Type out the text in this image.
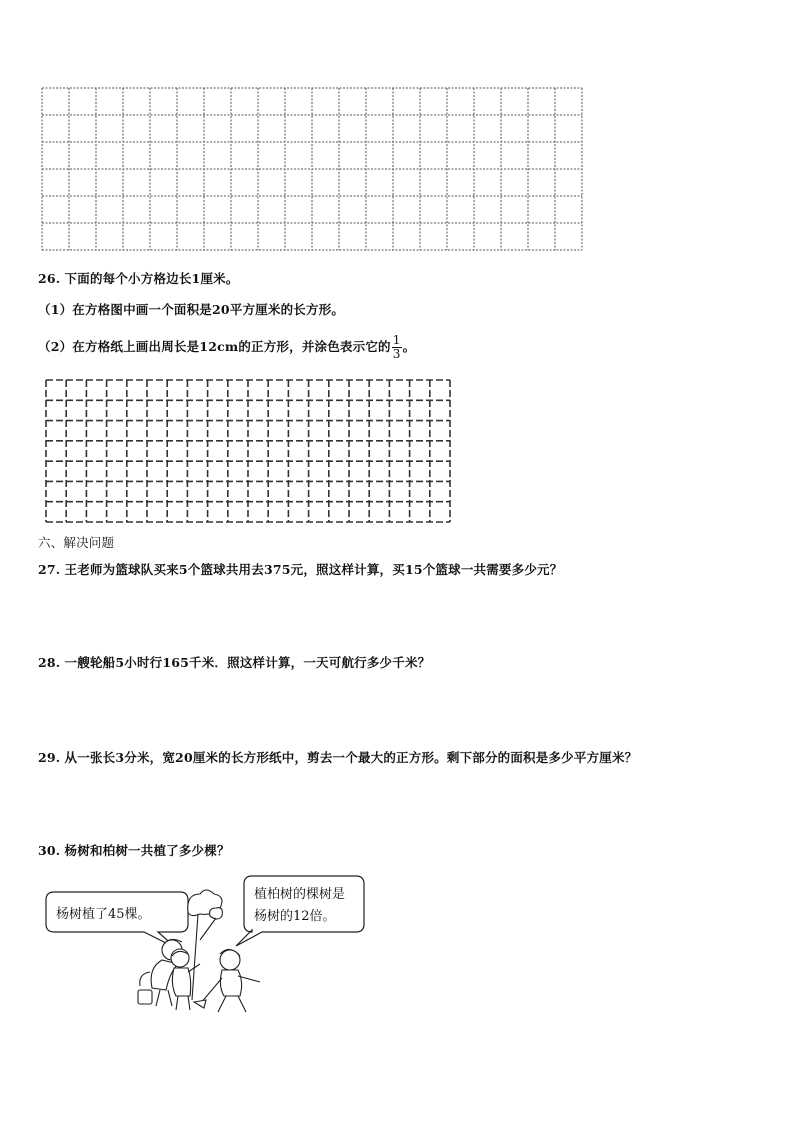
26. 下面的每个小方格边长1厘米。
（1）在方格图中画一个面积是20平方厘米的长方形。
（2）在方格纸上画出周长是12cm的正方形，并涂色表示它的 $\frac{1}{3}$ 。
六、解决问题
27. 王老师为篮球队买来5个篮球共用去375元，照这样计算，买15个篮球一共需要多少元？
28. 一艘轮船5小时行165千米．照这样计算，一天可航行多少千米？
29. 从一张长3分米，宽20厘米的长方形纸中，剪去一个最大的正方形。剩下部分的面积是多少平方厘米？
30. 杨树和柏树一共植了多少棵？
杨树植了45棵。
植柏树的棵树是
杨树的12倍。
